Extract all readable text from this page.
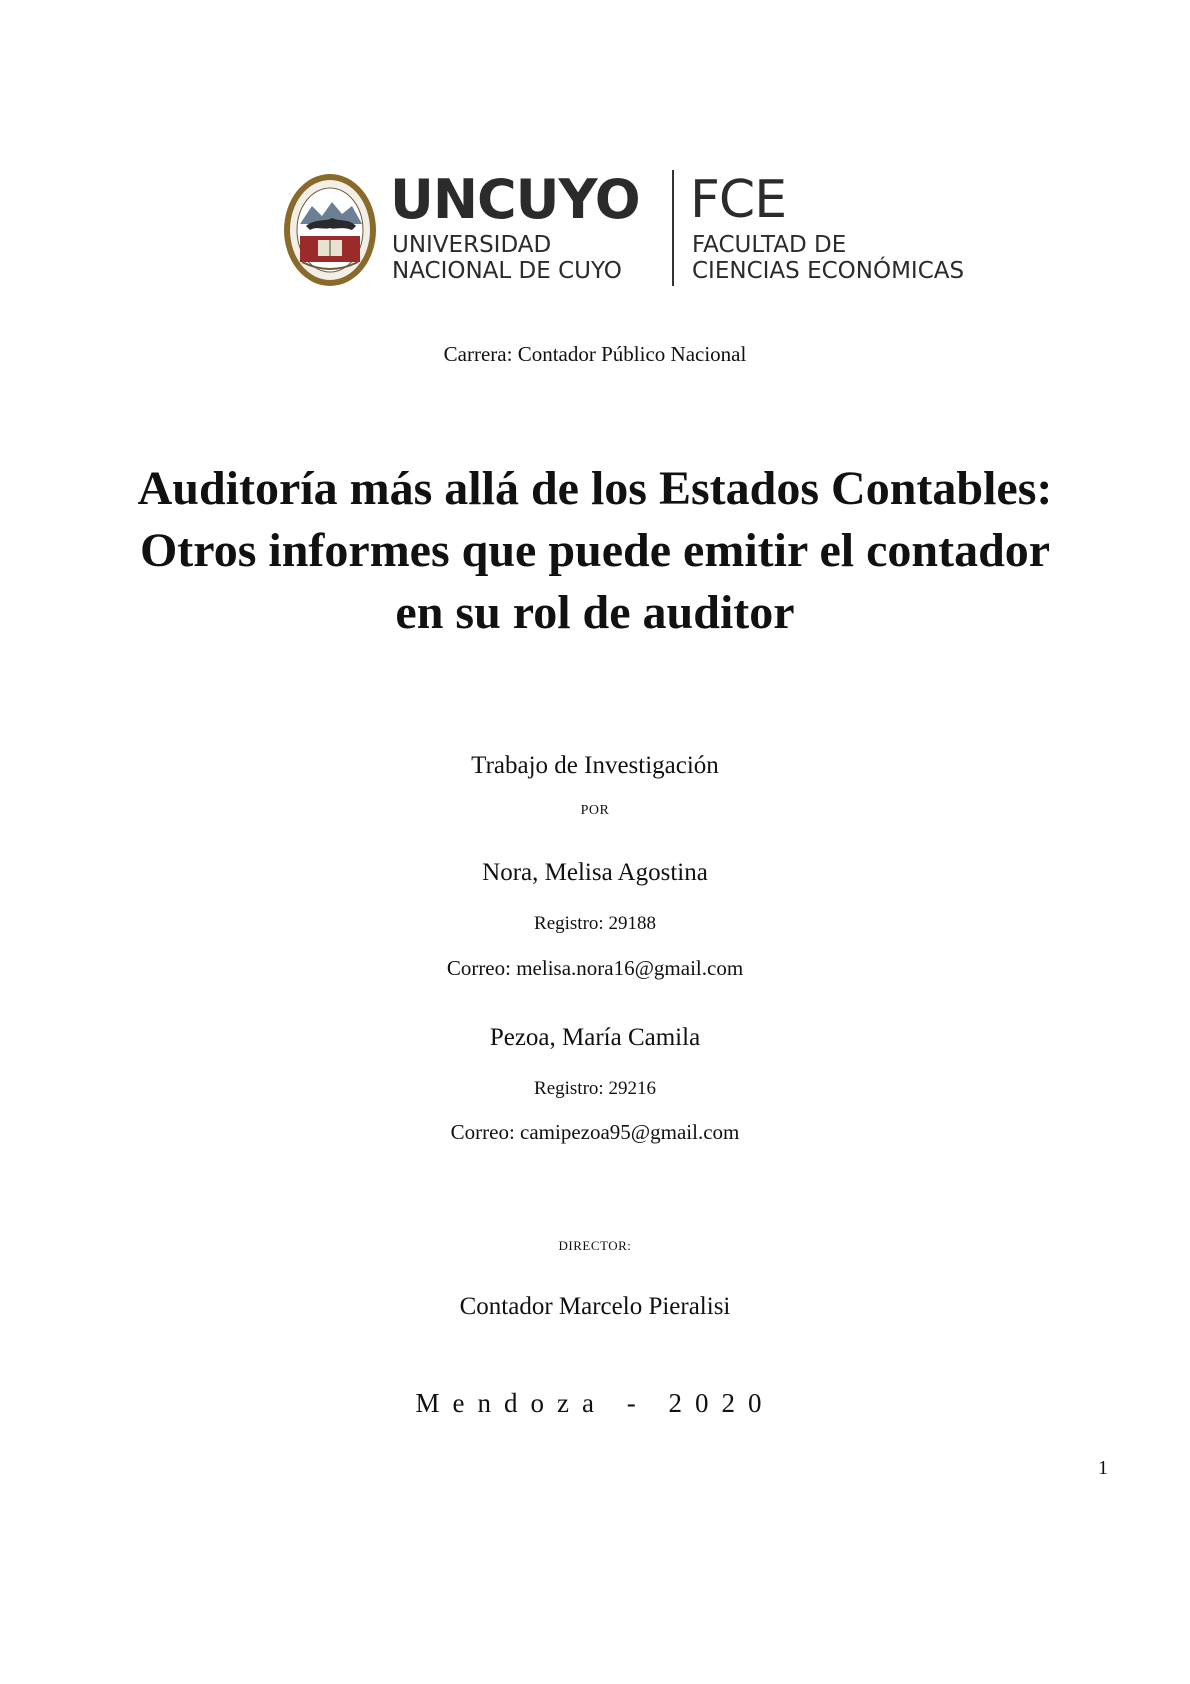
UNCUYO
UNIVERSIDAD
NACIONAL DE CUYO
FCE
FACULTAD DE
CIENCIAS ECONÓMICAS
Carrera: Contador Público Nacional
Auditoría más allá de los Estados Contables: Otros informes que puede emitir el contador en su rol de auditor
Trabajo de Investigación
POR
Nora, Melisa Agostina
Registro: 29188
Correo: melisa.nora16@gmail.com
Pezoa, María Camila
Registro: 29216
Correo: camipezoa95@gmail.com
DIRECTOR:
Contador Marcelo Pieralisi
Mendoza - 2020
1
